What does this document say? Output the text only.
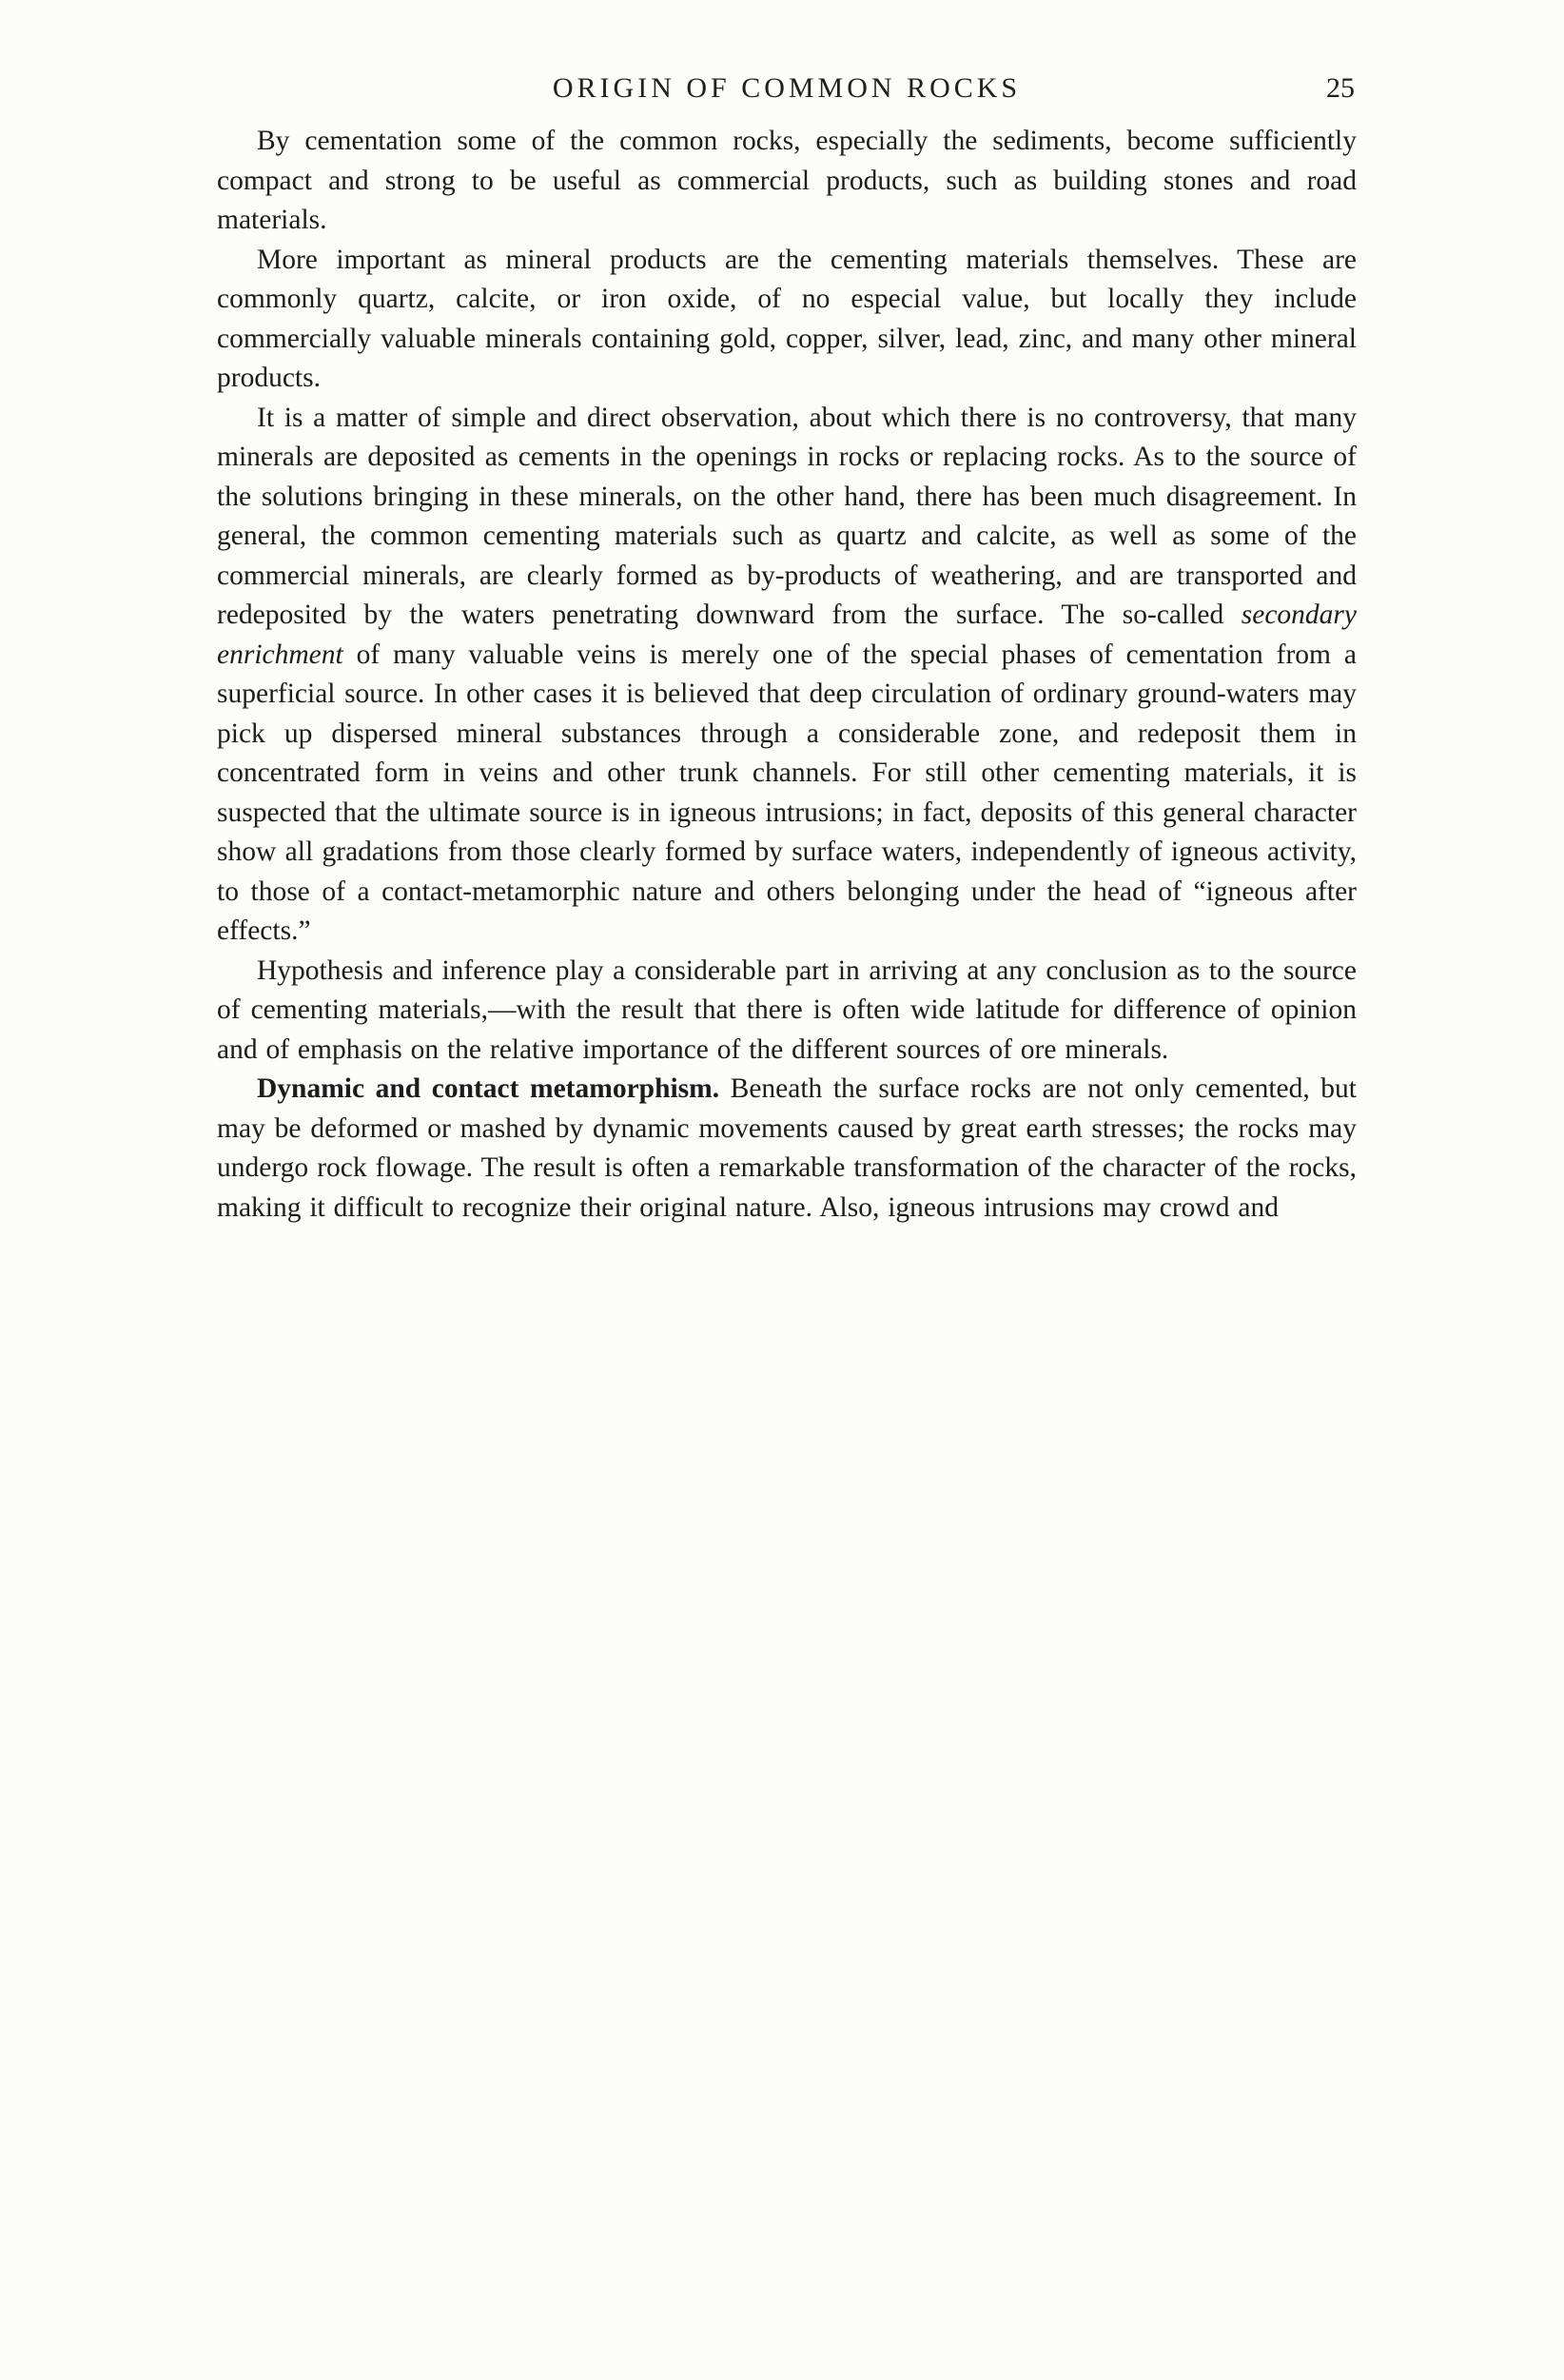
ORIGIN OF COMMON ROCKS	25

By cementation some of the common rocks, especially the sediments, become sufficiently compact and strong to be useful as commercial products, such as building stones and road materials.

More important as mineral products are the cementing materials themselves. These are commonly quartz, calcite, or iron oxide, of no especial value, but locally they include commercially valuable minerals containing gold, copper, silver, lead, zinc, and many other mineral products.

It is a matter of simple and direct observation, about which there is no controversy, that many minerals are deposited as cements in the openings in rocks or replacing rocks. As to the source of the solutions bringing in these minerals, on the other hand, there has been much disagreement. In general, the common cementing materials such as quartz and calcite, as well as some of the commercial minerals, are clearly formed as by-products of weathering, and are transported and redeposited by the waters penetrating downward from the surface. The so-called secondary enrichment of many valuable veins is merely one of the special phases of cementation from a superficial source. In other cases it is believed that deep circulation of ordinary ground-waters may pick up dispersed mineral substances through a considerable zone, and redeposit them in concentrated form in veins and other trunk channels. For still other cementing materials, it is suspected that the ultimate source is in igneous intrusions; in fact, deposits of this general character show all gradations from those clearly formed by surface waters, independently of igneous activity, to those of a contact-metamorphic nature and others belonging under the head of “igneous after effects.”

Hypothesis and inference play a considerable part in arriving at any conclusion as to the source of cementing materials,—with the result that there is often wide latitude for difference of opinion and of emphasis on the relative importance of the different sources of ore minerals.

Dynamic and contact metamorphism. Beneath the surface rocks are not only cemented, but may be deformed or mashed by dynamic movements caused by great earth stresses; the rocks may undergo rock flowage. The result is often a remarkable transformation of the character of the rocks, making it difficult to recognize their original nature. Also, igneous intrusions may crowd and
